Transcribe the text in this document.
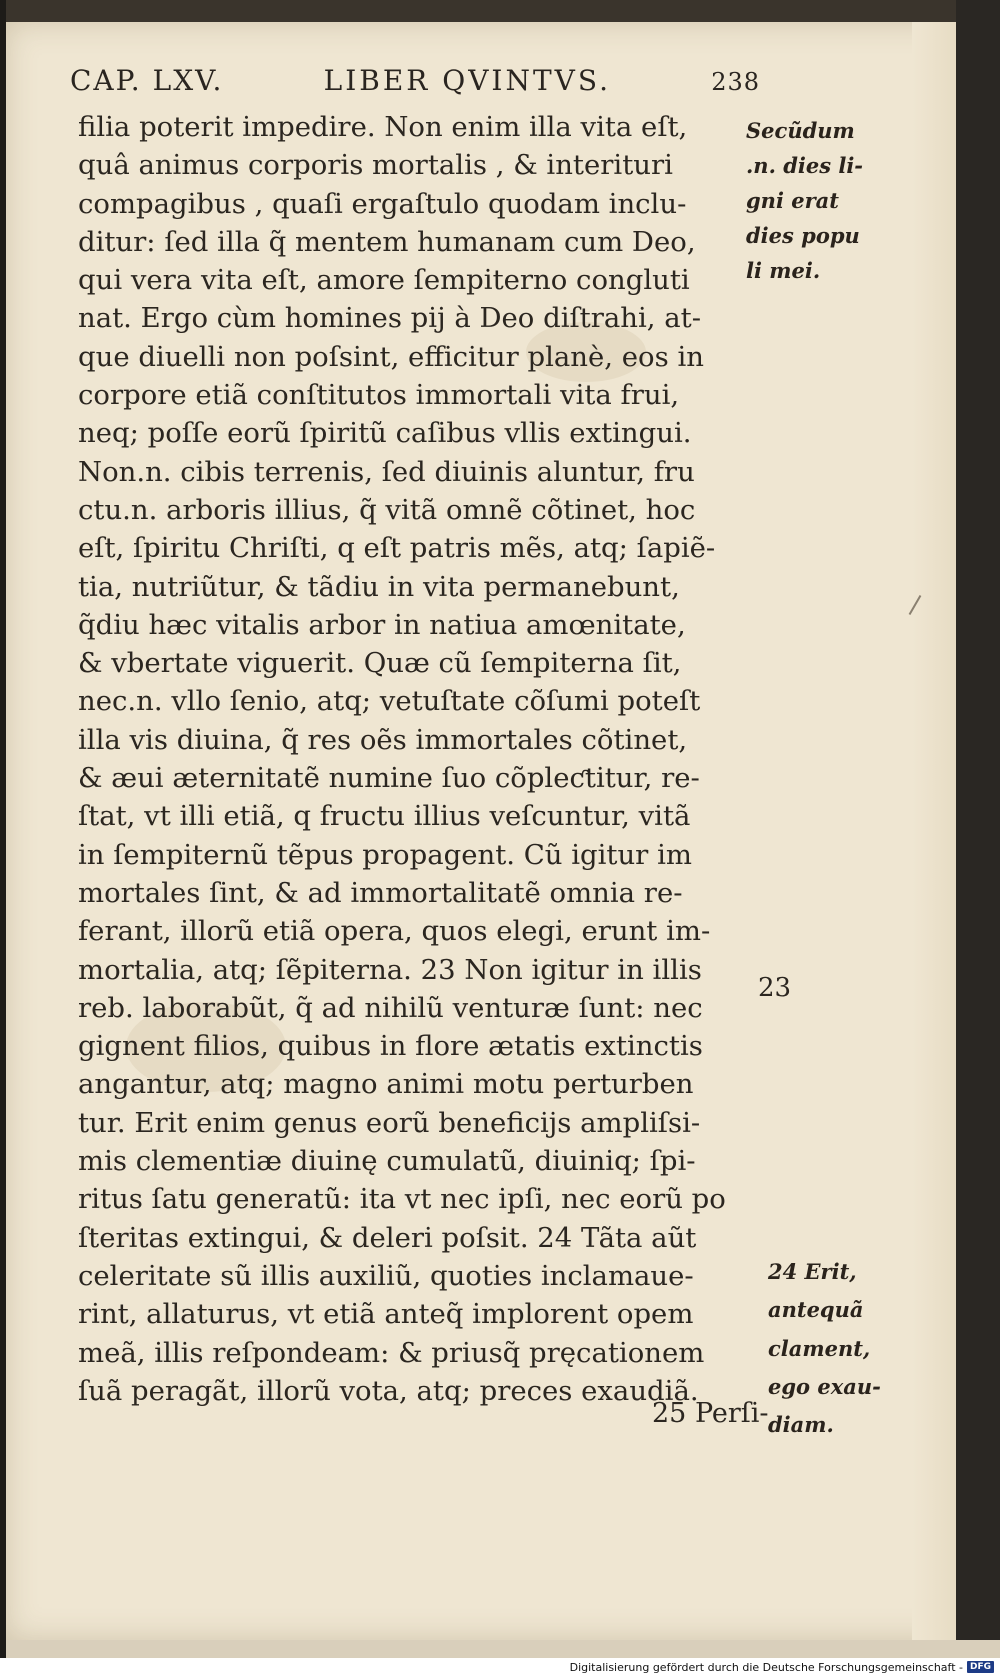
CAP. LXV.	LIBER QVINTVS.	238
filia poterit impedire. Non enim illa vita eſt,
quâ animus corporis mortalis , & interituri
compagibus , quaſi ergaſtulo quodam inclu-
ditur: ſed illa q̃ mentem humanam cum Deo,
qui vera vita eſt, amore ſempiterno congluti
nat. Ergo cùm homines pij à Deo diſtrahi, at-
que diuelli non poſsint, efficitur planè, eos in
corpore etiã conſtitutos immortali vita frui,
neq; poſſe eorũ ſpiritũ caſibus vllis extingui.
Non.n. cibis terrenis, ſed diuinis aluntur, fru
ctu.n. arboris illius, q̃ vitã omnẽ cõtinet, hoc
eſt, ſpiritu Chriſti, q eſt patris mẽs, atq; ſapiẽ-
tia, nutriũtur, & tãdiu in vita permanebunt,
q̃diu hæc vitalis arbor in natiua amœnitate,
& vbertate viguerit. Quæ cũ ſempiterna ſit,
nec.n. vllo ſenio, atq; vetuſtate cõſumi poteſt
illa vis diuina, q̃ res oẽs immortales cõtinet,
& æui æternitatẽ numine ſuo cõpleƈtitur, re-
ſtat, vt illi etiã, q fructu illius veſcuntur, vitã
in ſempiternũ tẽpus propagent. Cũ igitur im
mortales ſint, & ad immortalitatẽ omnia re-
ferant, illorũ etiã opera, quos elegi, erunt im-
mortalia, atq; ſẽpiterna. 23 Non igitur in illis
reb. laborabũt, q̃ ad nihilũ venturæ ſunt: nec
gignent filios, quibus in flore ætatis extinctis
angantur, atq; magno animi motu perturben
tur. Erit enim genus eorũ beneficijs ampliſsi-
mis clementiæ diuinę cumulatũ, diuiniq; ſpi-
ritus ſatu generatũ: ita vt nec ipſi, nec eorũ po
ſteritas extingui, & deleri poſsit. 24 Tãta aũt
celeritate sũ illis auxiliũ, quoties inclamaue-
rint, allaturus, vt etiã anteq̃ implorent opem
meã, illis reſpondeam: & priusq̃ pręcationem
ſuã peragãt, illorũ vota, atq; preces exaudiã.
25 Perſi-
Secũdum
.n. dies li-
gni erat
dies popu
li mei.
23
24 Erit,
antequã
clament,
ego exau-
diam.
Digitalisierung gefördert durch die Deutsche Forschungsgemeinschaft - DFG
